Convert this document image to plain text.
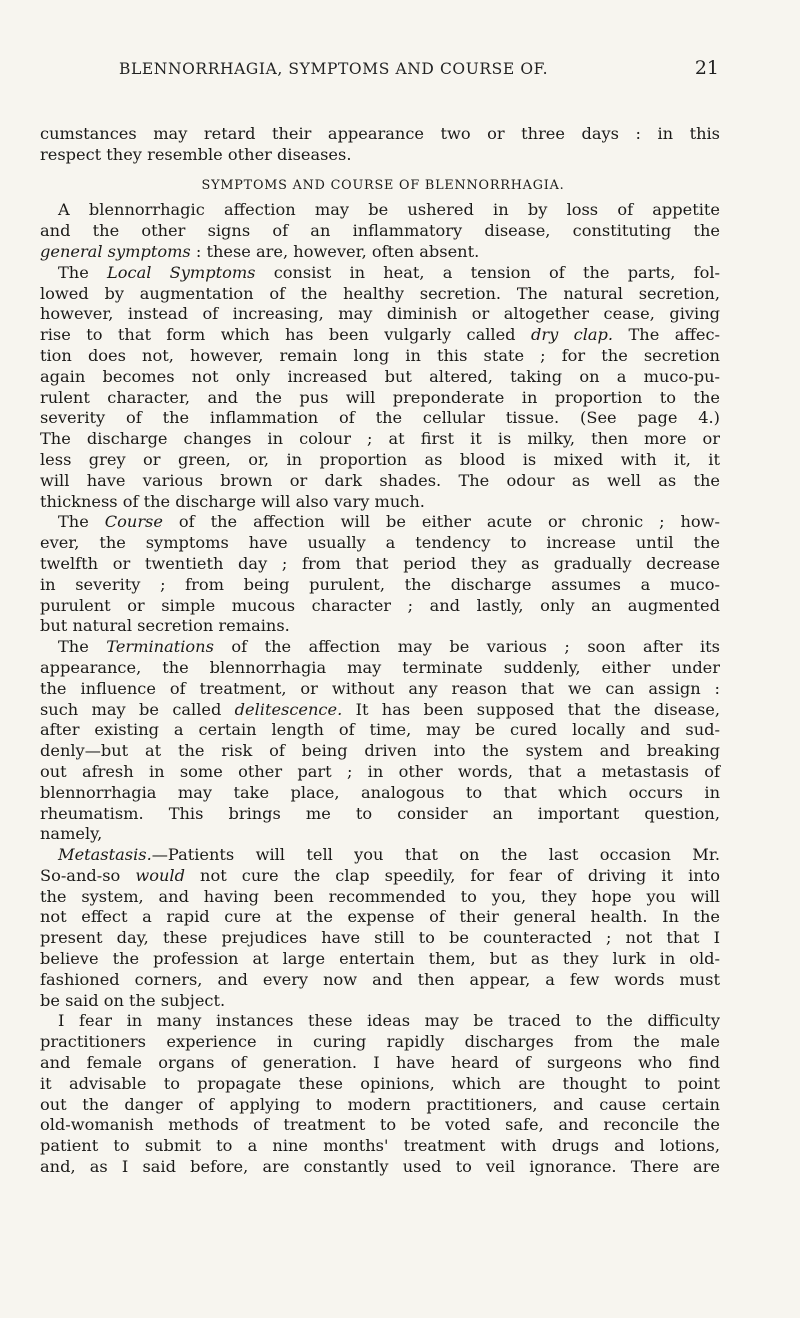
BLENNORRHAGIA, SYMPTOMS AND COURSE OF.	21
cumstances may retard their appearance two or three days : in this
respect they resemble other diseases.
SYMPTOMS AND COURSE OF BLENNORRHAGIA.
A blennorrhagic affection may be ushered in by loss of appetite
and the other signs of an inflammatory disease, constituting the
general symptoms : these are, however, often absent.
The Local Symptoms consist in heat, a tension of the parts, fol-
lowed by augmentation of the healthy secretion. The natural secretion,
however, instead of increasing, may diminish or altogether cease, giving
rise to that form which has been vulgarly called dry clap. The affec-
tion does not, however, remain long in this state ; for the secretion
again becomes not only increased but altered, taking on a muco-pu-
rulent character, and the pus will preponderate in proportion to the
severity of the inflammation of the cellular tissue. (See page 4.)
The discharge changes in colour ; at first it is milky, then more or
less grey or green, or, in proportion as blood is mixed with it, it
will have various brown or dark shades. The odour as well as the
thickness of the discharge will also vary much.
The Course of the affection will be either acute or chronic ; how-
ever, the symptoms have usually a tendency to increase until the
twelfth or twentieth day ; from that period they as gradually decrease
in severity ; from being purulent, the discharge assumes a muco-
purulent or simple mucous character ; and lastly, only an augmented
but natural secretion remains.
The Terminations of the affection may be various ; soon after its
appearance, the blennorrhagia may terminate suddenly, either under
the influence of treatment, or without any reason that we can assign :
such may be called delitescence. It has been supposed that the disease,
after existing a certain length of time, may be cured locally and sud-
denly—but at the risk of being driven into the system and breaking
out afresh in some other part ; in other words, that a metastasis of
blennorrhagia may take place, analogous to that which occurs in
rheumatism. This brings me to consider an important question,
namely,
Metastasis.—Patients will tell you that on the last occasion Mr.
So-and-so would not cure the clap speedily, for fear of driving it into
the system, and having been recommended to you, they hope you will
not effect a rapid cure at the expense of their general health. In the
present day, these prejudices have still to be counteracted ; not that I
believe the profession at large entertain them, but as they lurk in old-
fashioned corners, and every now and then appear, a few words must
be said on the subject.
I fear in many instances these ideas may be traced to the difficulty
practitioners experience in curing rapidly discharges from the male
and female organs of generation. I have heard of surgeons who find
it advisable to propagate these opinions, which are thought to point
out the danger of applying to modern practitioners, and cause certain
old-womanish methods of treatment to be voted safe, and reconcile the
patient to submit to a nine months' treatment with drugs and lotions,
and, as I said before, are constantly used to veil ignorance. There are
